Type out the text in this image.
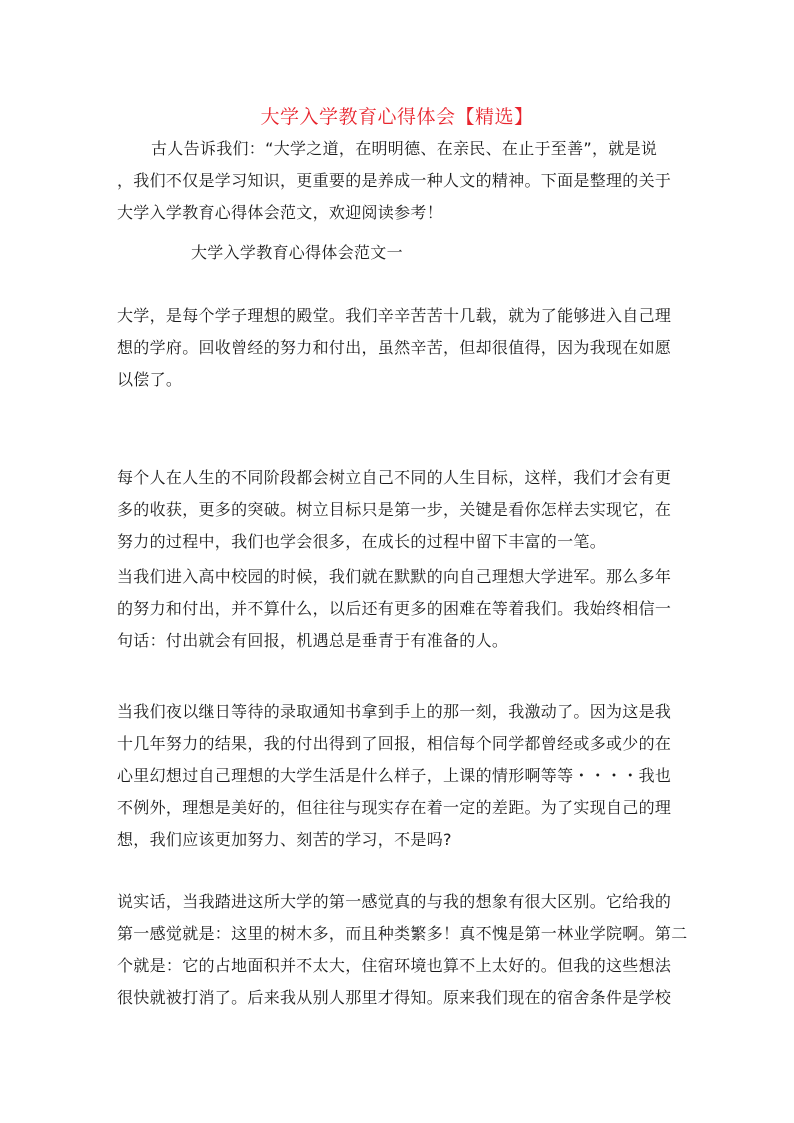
大学入学教育心得体会【精选】
古人告诉我们：“大学之道，在明明德、在亲民、在止于至善”，就是说
，我们不仅是学习知识，更重要的是养成一种人文的精神。下面是整理的关于
大学入学教育心得体会范文，欢迎阅读参考！
大学入学教育心得体会范文一
大学，是每个学子理想的殿堂。我们辛辛苦苦十几载，就为了能够进入自己理
想的学府。回收曾经的努力和付出，虽然辛苦，但却很值得，因为我现在如愿
以偿了。
每个人在人生的不同阶段都会树立自己不同的人生目标，这样，我们才会有更
多的收获，更多的突破。树立目标只是第一步，关键是看你怎样去实现它，在
努力的过程中，我们也学会很多，在成长的过程中留下丰富的一笔。
当我们进入高中校园的时候，我们就在默默的向自己理想大学进军。那么多年
的努力和付出，并不算什么，以后还有更多的困难在等着我们。我始终相信一
句话：付出就会有回报，机遇总是垂青于有准备的人。
当我们夜以继日等待的录取通知书拿到手上的那一刻，我激动了。因为这是我
十几年努力的结果，我的付出得到了回报，相信每个同学都曾经或多或少的在
心里幻想过自己理想的大学生活是什么样子，上课的情形啊等等・・・・我也
不例外，理想是美好的，但往往与现实存在着一定的差距。为了实现自己的理
想，我们应该更加努力、刻苦的学习，不是吗?
说实话，当我踏进这所大学的第一感觉真的与我的想象有很大区别。它给我的
第一感觉就是：这里的树木多，而且种类繁多！真不愧是第一林业学院啊。第二
个就是：它的占地面积并不太大，住宿环境也算不上太好的。但我的这些想法
很快就被打消了。后来我从别人那里才得知。原来我们现在的宿舍条件是学校
